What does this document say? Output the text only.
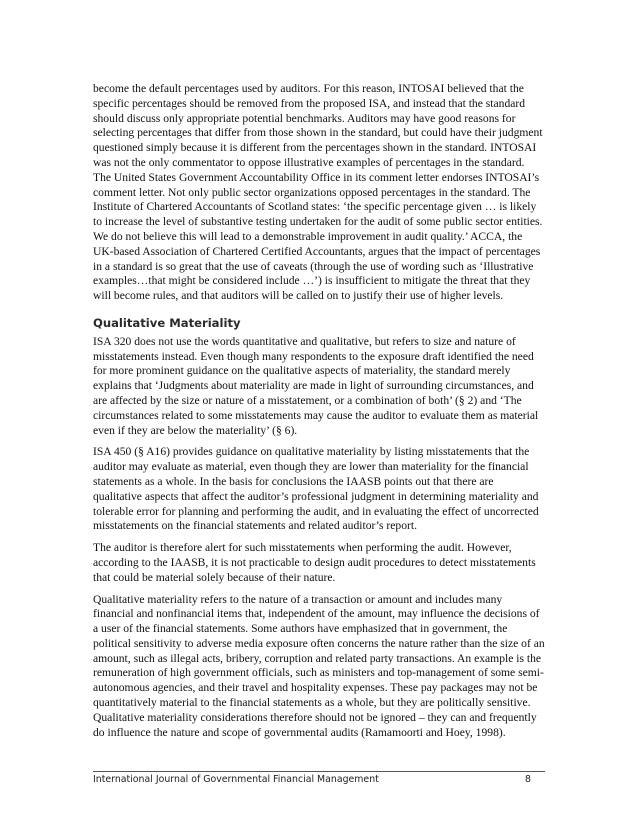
become the default percentages used by auditors. For this reason, INTOSAI believed that the specific percentages should be removed from the proposed ISA, and instead that the standard should discuss only appropriate potential benchmarks. Auditors may have good reasons for selecting percentages that differ from those shown in the standard, but could have their judgment questioned simply because it is different from the percentages shown in the standard. INTOSAI was not the only commentator to oppose illustrative examples of percentages in the standard. The United States Government Accountability Office in its comment letter endorses INTOSAI’s comment letter. Not only public sector organizations opposed percentages in the standard. The Institute of Chartered Accountants of Scotland states: ‘the specific percentage given … is likely to increase the level of substantive testing undertaken for the audit of some public sector entities. We do not believe this will lead to a demonstrable improvement in audit quality.’ ACCA, the UK-based Association of Chartered Certified Accountants, argues that the impact of percentages in a standard is so great that the use of caveats (through the use of wording such as ‘Illustrative examples…that might be considered include …’) is insufficient to mitigate the threat that they will become rules, and that auditors will be called on to justify their use of higher levels.

Qualitative Materiality

ISA 320 does not use the words quantitative and qualitative, but refers to size and nature of misstatements instead. Even though many respondents to the exposure draft identified the need for more prominent guidance on the qualitative aspects of materiality, the standard merely explains that ‘Judgments about materiality are made in light of surrounding circumstances, and are affected by the size or nature of a misstatement, or a combination of both’ (§ 2) and ‘The circumstances related to some misstatements may cause the auditor to evaluate them as material even if they are below the materiality’ (§ 6).

ISA 450 (§ A16) provides guidance on qualitative materiality by listing misstatements that the auditor may evaluate as material, even though they are lower than materiality for the financial statements as a whole. In the basis for conclusions the IAASB points out that there are qualitative aspects that affect the auditor’s professional judgment in determining materiality and tolerable error for planning and performing the audit, and in evaluating the effect of uncorrected misstatements on the financial statements and related auditor’s report.

The auditor is therefore alert for such misstatements when performing the audit. However, according to the IAASB, it is not practicable to design audit procedures to detect misstatements that could be material solely because of their nature.

Qualitative materiality refers to the nature of a transaction or amount and includes many financial and nonfinancial items that, independent of the amount, may influence the decisions of a user of the financial statements. Some authors have emphasized that in government, the political sensitivity to adverse media exposure often concerns the nature rather than the size of an amount, such as illegal acts, bribery, corruption and related party transactions. An example is the remuneration of high government officials, such as ministers and top-management of some semi-autonomous agencies, and their travel and hospitality expenses. These pay packages may not be quantitatively material to the financial statements as a whole, but they are politically sensitive. Qualitative materiality considerations therefore should not be ignored – they can and frequently do influence the nature and scope of governmental audits (Ramamoorti and Hoey, 1998).

International Journal of Governmental Financial Management	8
